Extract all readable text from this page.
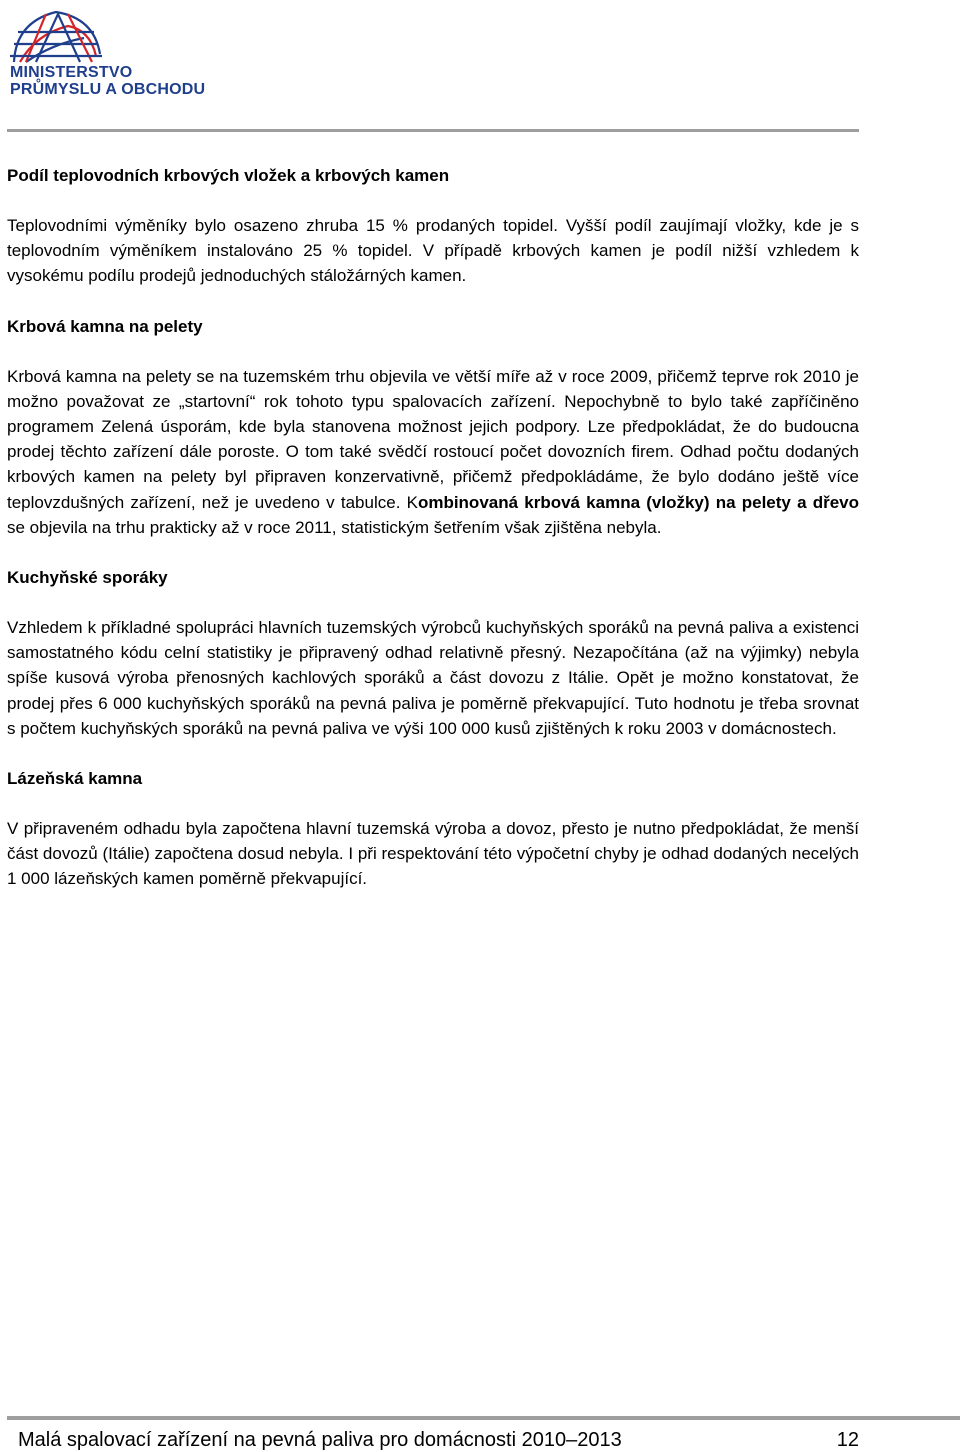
MINISTERSTVO
PRŮMYSLU A OBCHODU
Podíl teplovodních krbových vložek a krbových kamen

Teplovodními výměníky bylo osazeno zhruba 15 % prodaných topidel. Vyšší podíl zaujímají vložky, kde je s teplovodním výměníkem instalováno 25 % topidel. V případě krbových kamen je podíl nižší vzhledem k vysokému podílu prodejů jednoduchých stáložárných kamen.

Krbová kamna na pelety

Krbová kamna na pelety se na tuzemském trhu objevila ve větší míře až v roce 2009, přičemž teprve rok 2010 je možno považovat ze „startovní“ rok tohoto typu spalovacích zařízení. Nepochybně to bylo také zapříčiněno programem Zelená úsporám, kde byla stanovena možnost jejich podpory. Lze předpokládat, že do budoucna prodej těchto zařízení dále poroste. O tom také svědčí rostoucí počet dovozních firem. Odhad počtu dodaných krbových kamen na pelety byl připraven konzervativně, přičemž předpokládáme, že bylo dodáno ještě více teplovzdušných zařízení, než je uvedeno v tabulce. Kombinovaná krbová kamna (vložky) na pelety a dřevo se objevila na trhu prakticky až v roce 2011, statistickým šetřením však zjištěna nebyla.

Kuchyňské sporáky

Vzhledem k příkladné spolupráci hlavních tuzemských výrobců kuchyňských sporáků na pevná paliva a existenci samostatného kódu celní statistiky je připravený odhad relativně přesný. Nezapočítána (až na výjimky) nebyla spíše kusová výroba přenosných kachlových sporáků a část dovozu z Itálie. Opět je možno konstatovat, že prodej přes 6 000 kuchyňských sporáků na pevná paliva je poměrně překvapující. Tuto hodnotu je třeba srovnat s počtem kuchyňských sporáků na pevná paliva ve výši 100 000 kusů zjištěných k roku 2003 v domácnostech.

Lázeňská kamna

V připraveném odhadu byla započtena hlavní tuzemská výroba a dovoz, přesto je nutno předpokládat, že menší část dovozů (Itálie) započtena dosud nebyla. I při respektování této výpočetní chyby je odhad dodaných necelých 1 000 lázeňských kamen poměrně překvapující.

Malá spalovací zařízení na pevná paliva pro domácnosti 2010–2013	12
